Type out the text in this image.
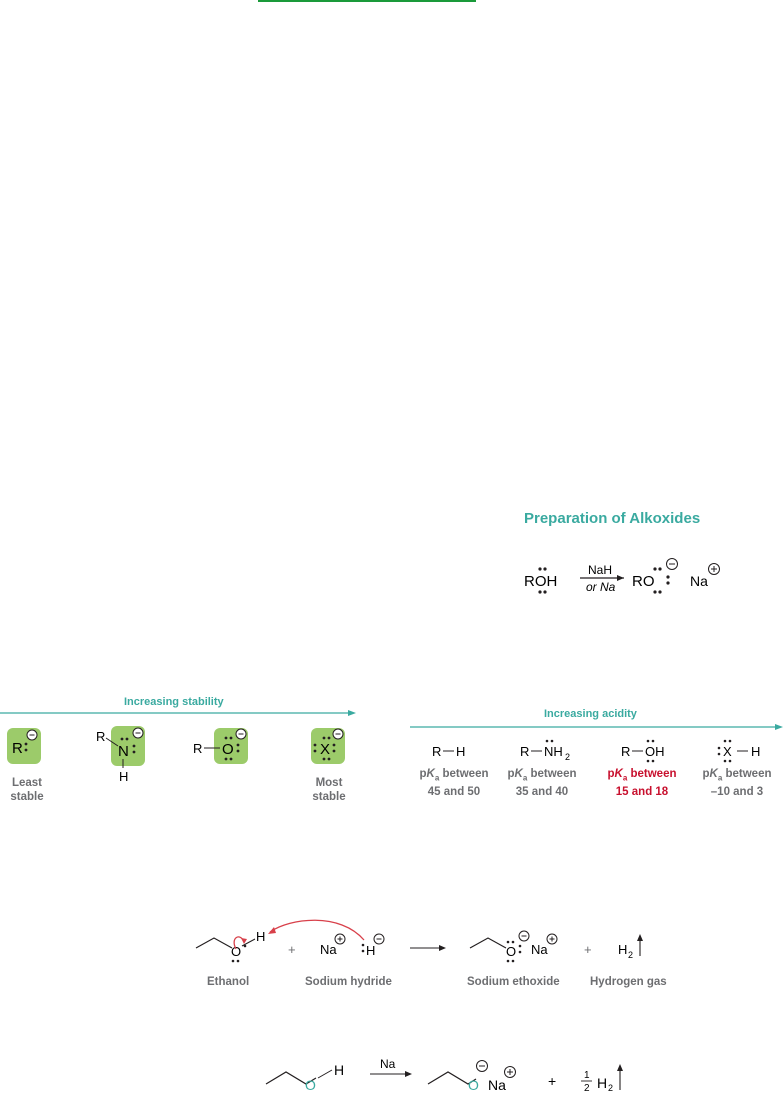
Preparation of Alkoxides
ROH
NaH
or Na RO	Na
Increasing stability
R
R
N
H
R O	X
Least
stable
Most
stable
Increasing acidity
R H	R NH 2	R OH	X H
$pK_a$ between
45 and 50
$pK_a$ between
35 and 40
$pK_a$ between
15 and 18
$pK_a$ between
–10 and 3
O
H
+ Na H	O Na	+ H 2
Ethanol	Sodium hydride	Sodium ethoxide	Hydrogen gas
O
H	Na
O Na	+	1
2 H 2
